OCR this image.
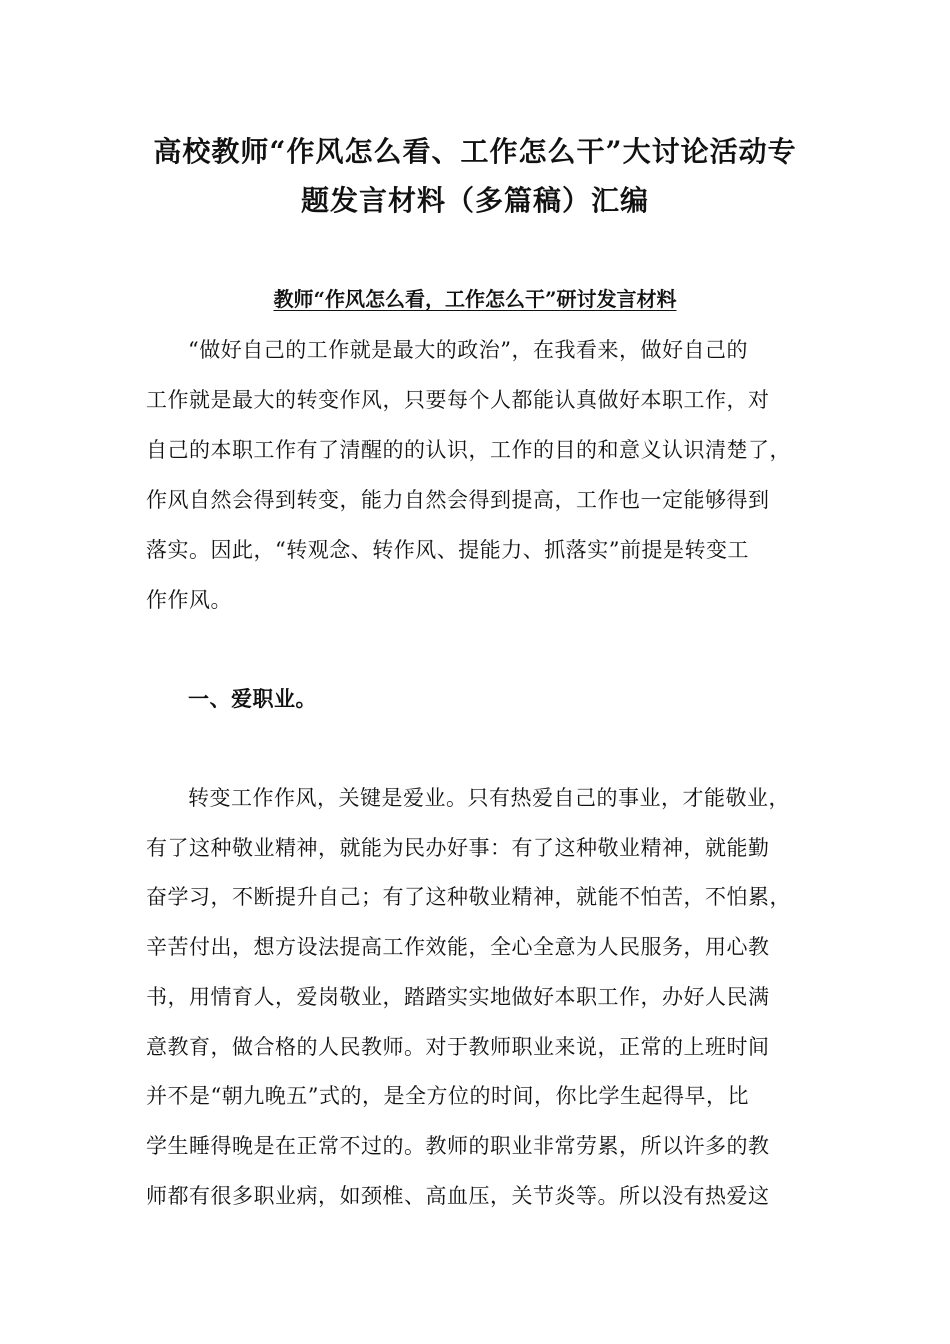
高校教师“作风怎么看、工作怎么干”大讨论活动专
题发言材料（多篇稿）汇编
教师“作风怎么看，工作怎么干”研讨发言材料
“做好自己的工作就是最大的政治”，在我看来，做好自己的
工作就是最大的转变作风，只要每个人都能认真做好本职工作，对
自己的本职工作有了清醒的的认识，工作的目的和意义认识清楚了，
作风自然会得到转变，能力自然会得到提高，工作也一定能够得到
落实。因此，“转观念、转作风、提能力、抓落实”前提是转变工
作作风。
一、爱职业。
转变工作作风，关键是爱业。只有热爱自己的事业，才能敬业，
有了这种敬业精神，就能为民办好事：有了这种敬业精神，就能勤
奋学习，不断提升自己；有了这种敬业精神，就能不怕苦，不怕累，
辛苦付出，想方设法提高工作效能，全心全意为人民服务，用心教
书，用情育人，爱岗敬业，踏踏实实地做好本职工作，办好人民满
意教育，做合格的人民教师。对于教师职业来说，正常的上班时间
并不是“朝九晚五”式的，是全方位的时间，你比学生起得早，比
学生睡得晚是在正常不过的。教师的职业非常劳累，所以许多的教
师都有很多职业病，如颈椎、高血压，关节炎等。所以没有热爱这
